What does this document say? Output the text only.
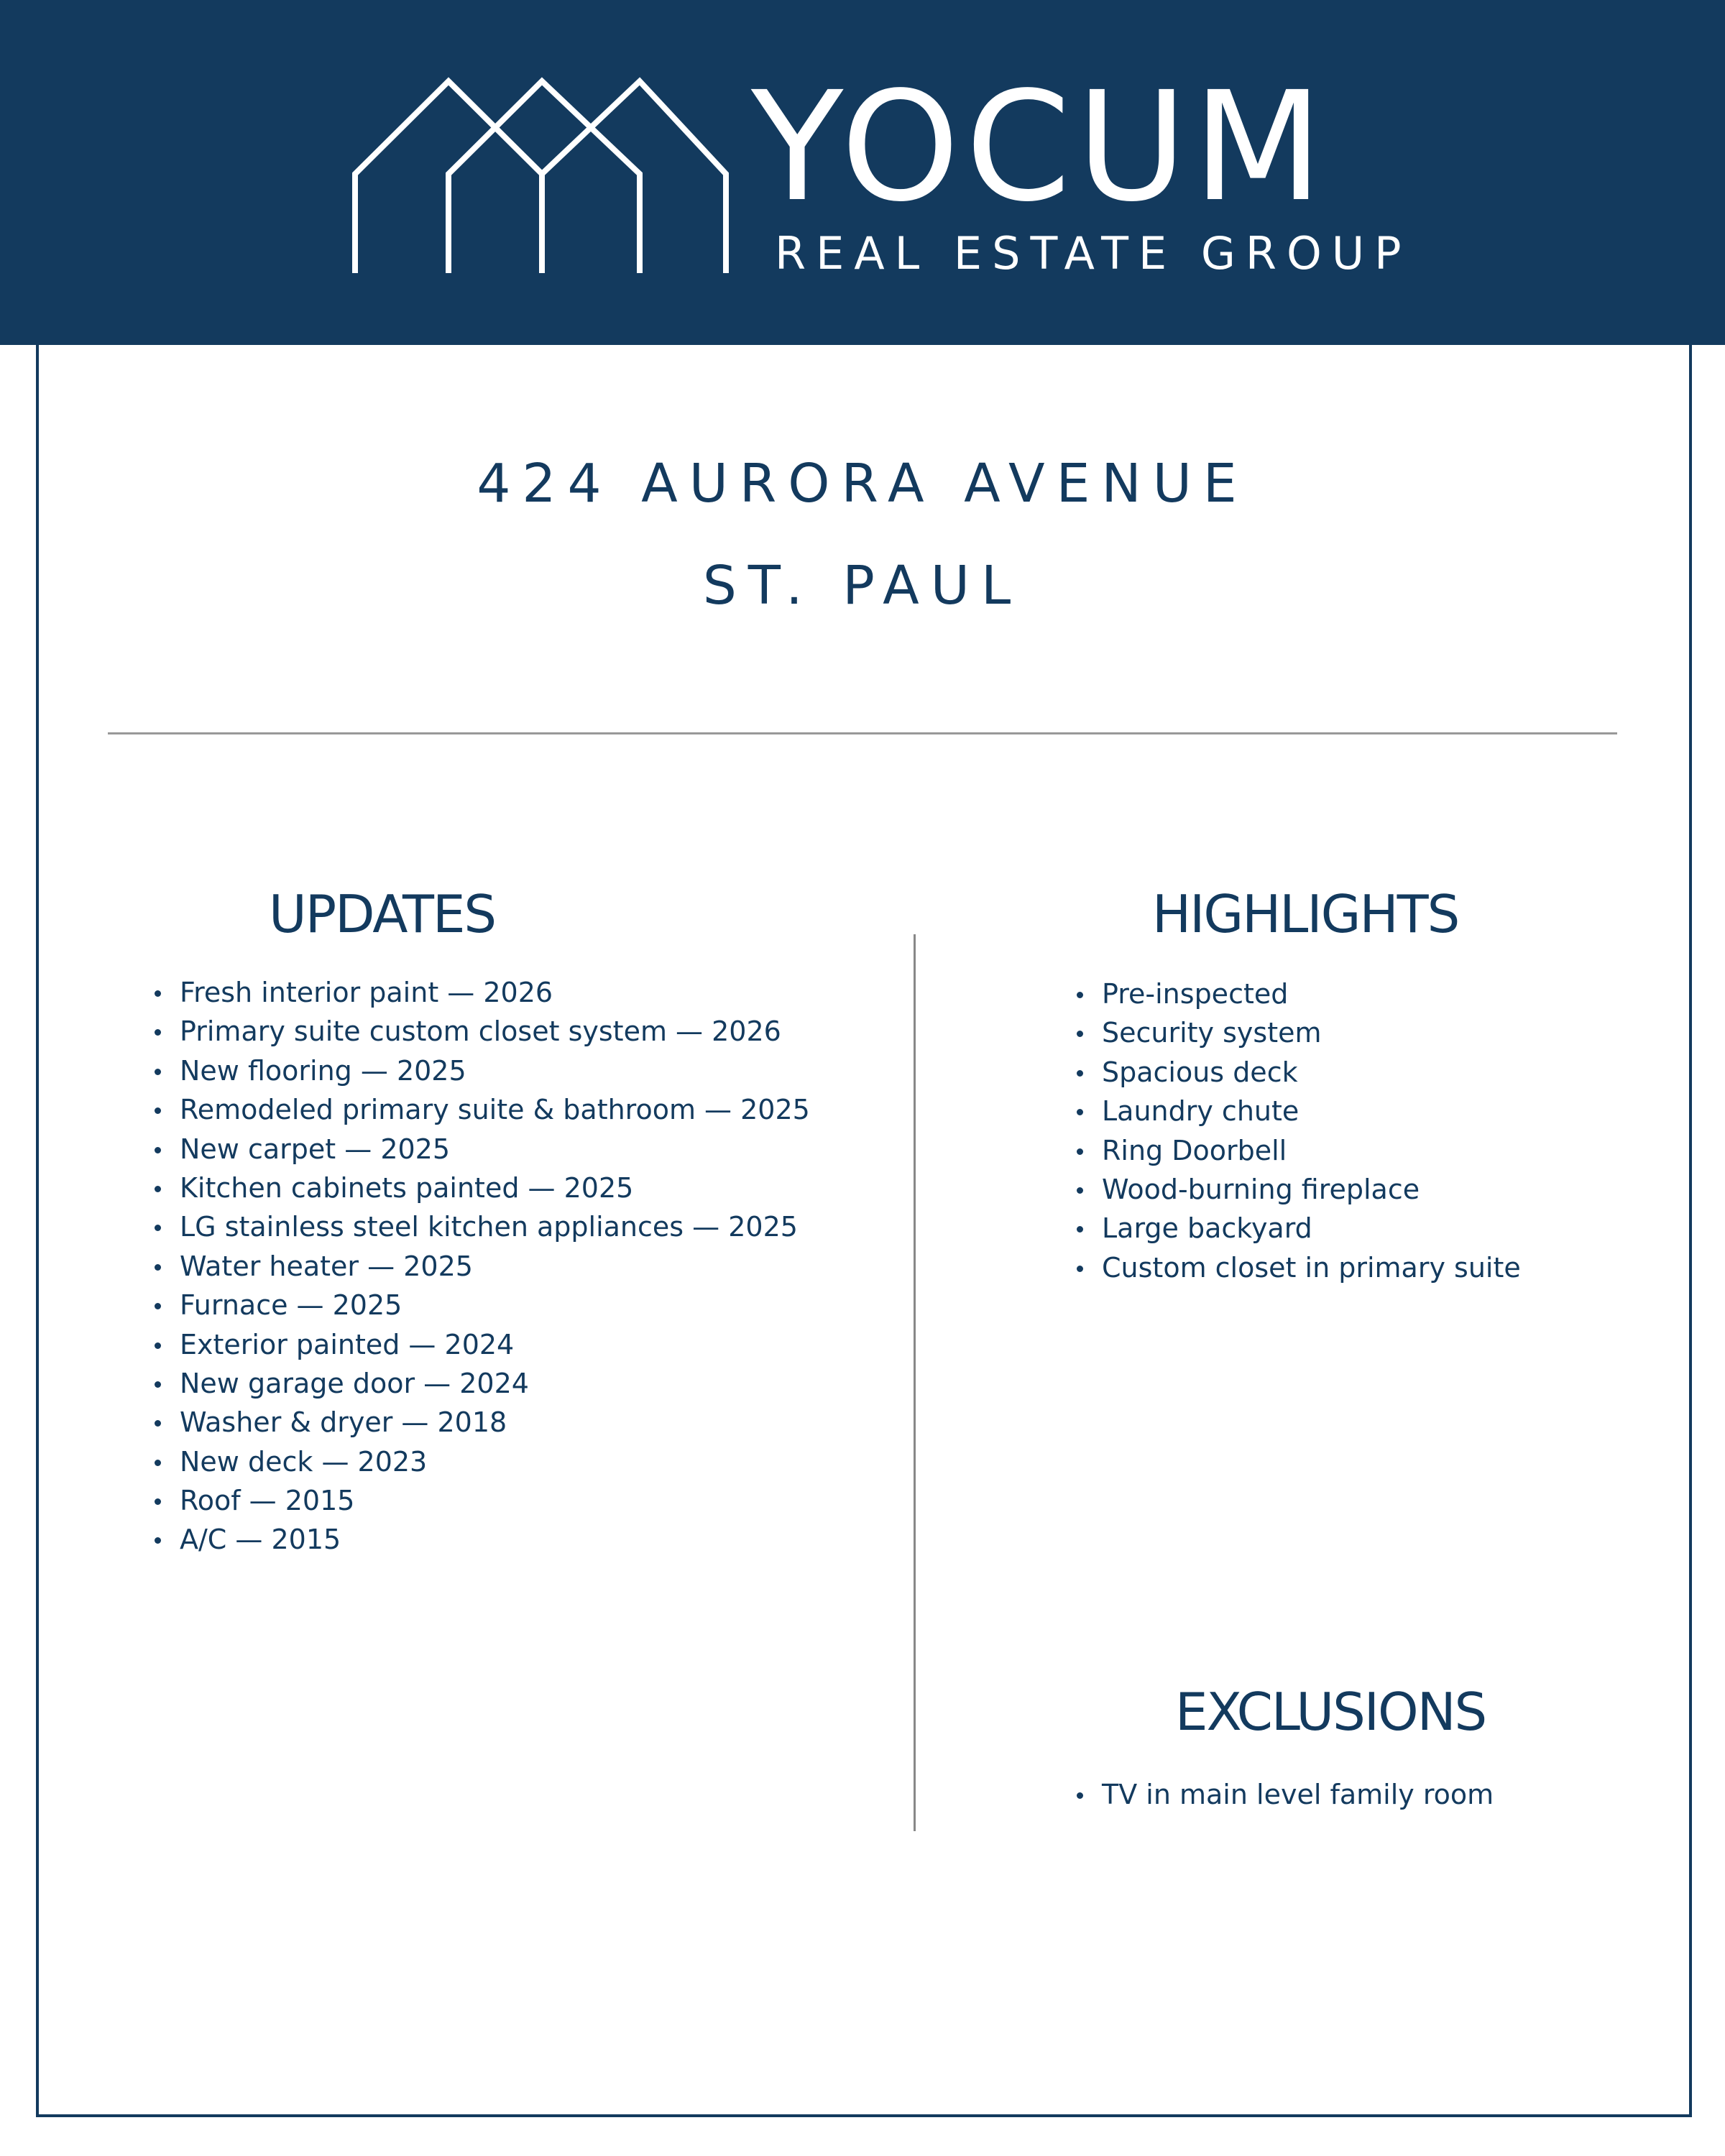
YOCUM
REAL ESTATE GROUP
424 AURORA AVENUE
ST. PAUL
UPDATES
Fresh interior paint — 2026
Primary suite custom closet system — 2026
New flooring — 2025
Remodeled primary suite & bathroom — 2025
New carpet — 2025
Kitchen cabinets painted — 2025
LG stainless steel kitchen appliances — 2025
Water heater — 2025
Furnace — 2025
Exterior painted — 2024
New garage door — 2024
Washer & dryer — 2018
New deck — 2023
Roof — 2015
A/C — 2015
HIGHLIGHTS
Pre-inspected
Security system
Spacious deck
Laundry chute
Ring Doorbell
Wood-burning fireplace
Large backyard
Custom closet in primary suite
EXCLUSIONS
TV in main level family room
